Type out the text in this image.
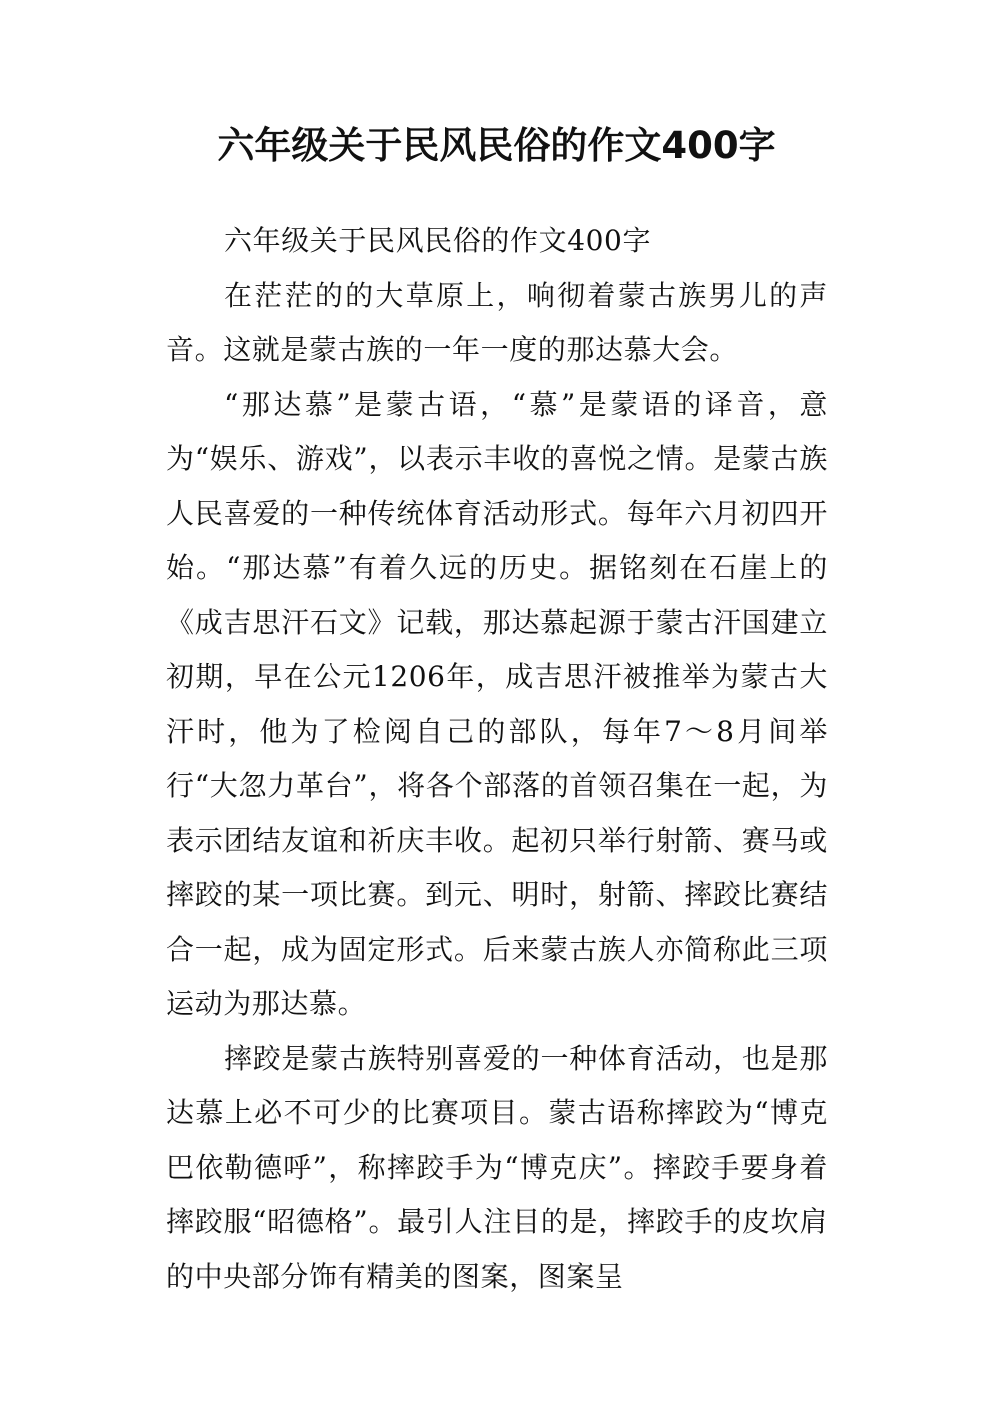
六年级关于民风民俗的作文400字

六年级关于民风民俗的作文400字

在茫茫的的大草原上，响彻着蒙古族男儿的声音。这就是蒙古族的一年一度的那达慕大会。

“那达慕”是蒙古语，“慕”是蒙语的译音，意为“娱乐、游戏”，以表示丰收的喜悦之情。是蒙古族人民喜爱的一种传统体育活动形式。每年六月初四开始。“那达慕”有着久远的历史。据铭刻在石崖上的《成吉思汗石文》记载，那达慕起源于蒙古汗国建立初期，早在公元1206年，成吉思汗被推举为蒙古大汗时，他为了检阅自己的部队，每年7～8月间举行“大忽力革台”，将各个部落的首领召集在一起，为表示团结友谊和祈庆丰收。起初只举行射箭、赛马或摔跤的某一项比赛。到元、明时，射箭、摔跤比赛结合一起，成为固定形式。后来蒙古族人亦简称此三项运动为那达慕。

摔跤是蒙古族特别喜爱的一种体育活动，也是那达慕上必不可少的比赛项目。蒙古语称摔跤为“博克巴依勒德呼”，称摔跤手为“博克庆”。摔跤手要身着摔跤服“昭德格”。最引人注目的是，摔跤手的皮坎肩的中央部分饰有精美的图案，图案呈
